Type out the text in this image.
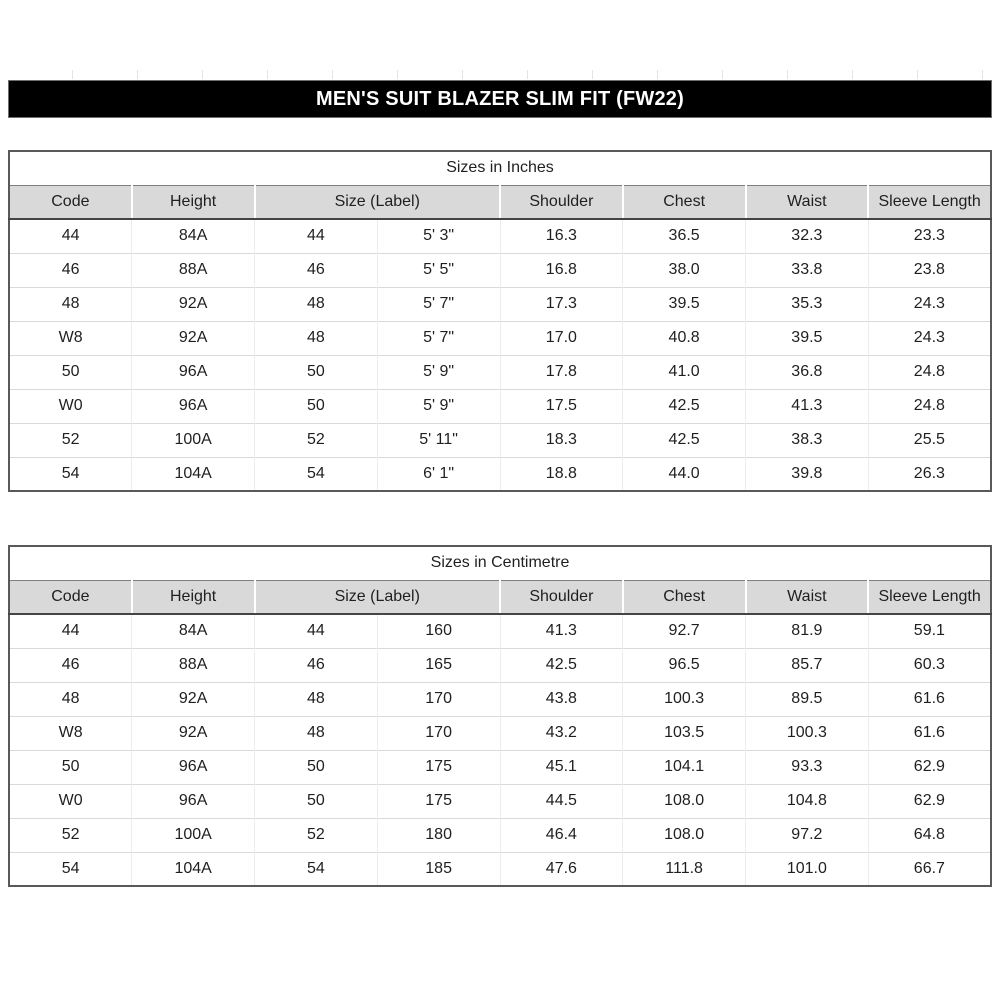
MEN'S SUIT BLAZER SLIM FIT (FW22)
Sizes in Inches							
Code	Height	Size (Label)		Shoulder	Chest	Waist	Sleeve Length
44	84A	44	5' 3"	16.3	36.5	32.3	23.3
46	88A	46	5' 5"	16.8	38.0	33.8	23.8
48	92A	48	5' 7"	17.3	39.5	35.3	24.3
W8	92A	48	5' 7"	17.0	40.8	39.5	24.3
50	96A	50	5' 9"	17.8	41.0	36.8	24.8
W0	96A	50	5' 9"	17.5	42.5	41.3	24.8
52	100A	52	5' 11"	18.3	42.5	38.3	25.5
54	104A	54	6' 1"	18.8	44.0	39.8	26.3
Sizes in Centimetre							
Code	Height	Size (Label)		Shoulder	Chest	Waist	Sleeve Length
44	84A	44	160	41.3	92.7	81.9	59.1
46	88A	46	165	42.5	96.5	85.7	60.3
48	92A	48	170	43.8	100.3	89.5	61.6
W8	92A	48	170	43.2	103.5	100.3	61.6
50	96A	50	175	45.1	104.1	93.3	62.9
W0	96A	50	175	44.5	108.0	104.8	62.9
52	100A	52	180	46.4	108.0	97.2	64.8
54	104A	54	185	47.6	111.8	101.0	66.7
